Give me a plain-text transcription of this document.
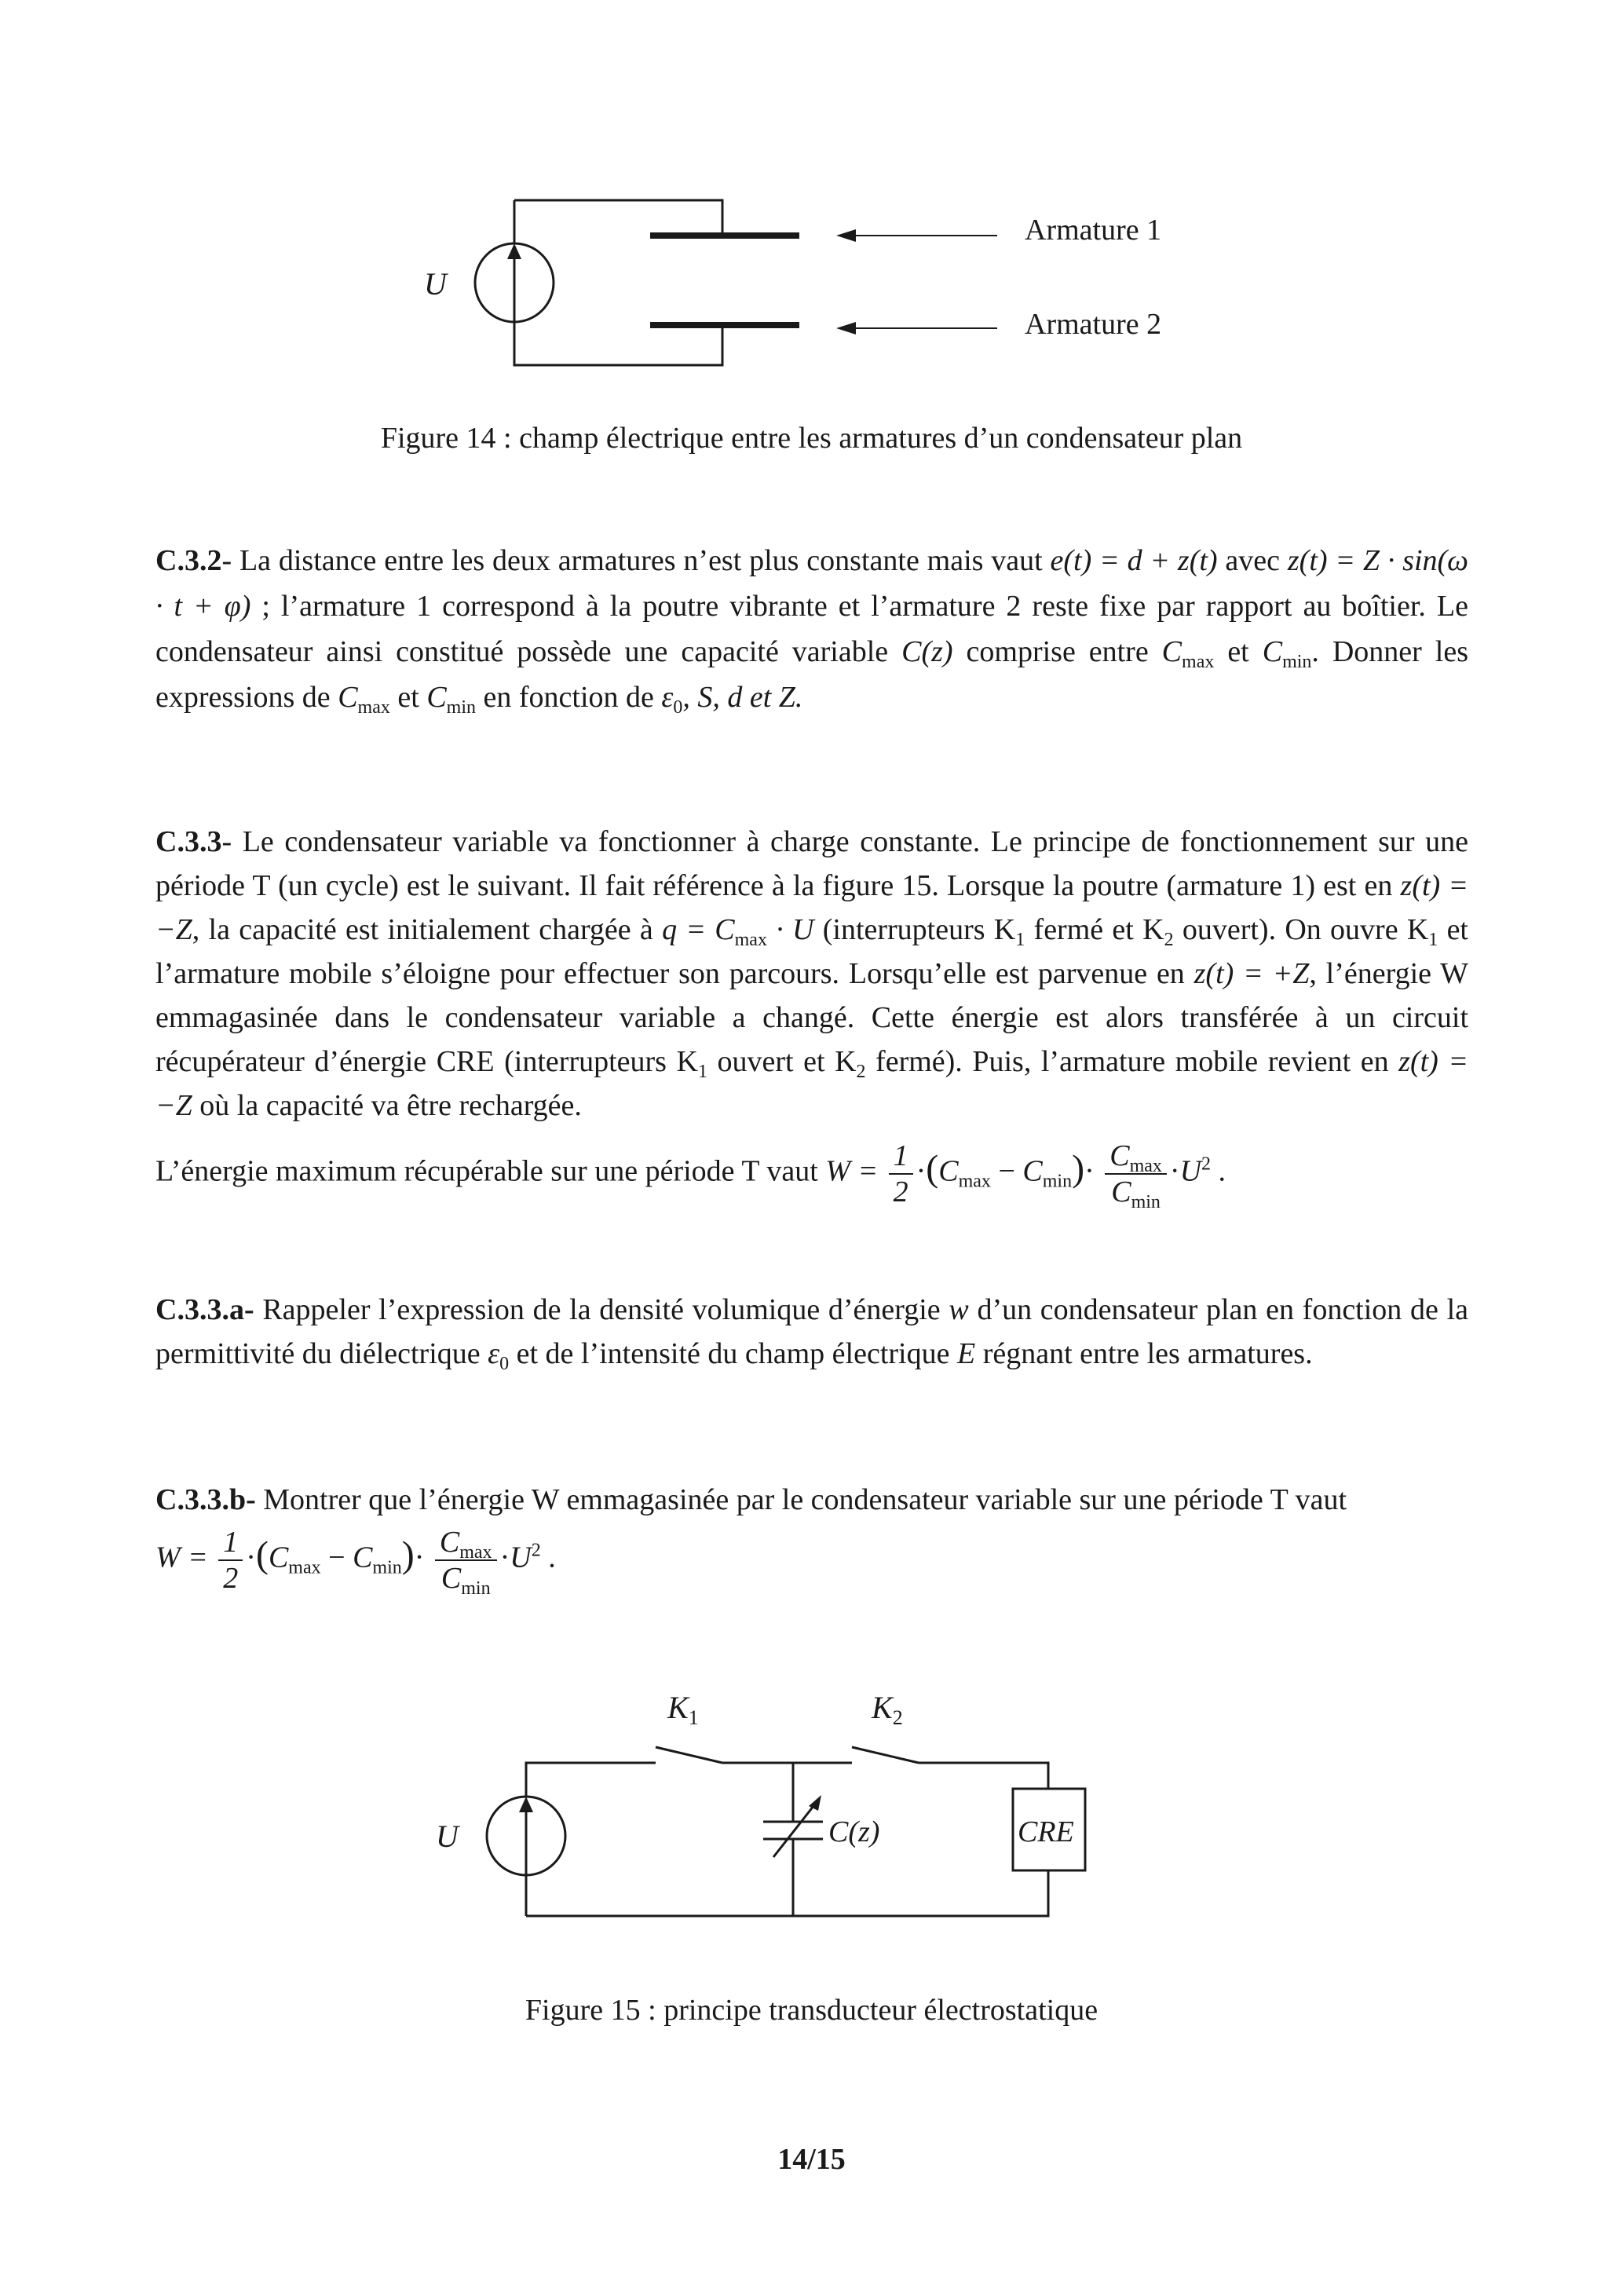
U
Armature 1
Armature 2
Figure 14 : champ électrique entre les armatures d’un condensateur plan

C.3.2- La distance entre les deux armatures n’est plus constante mais vaut e(t) = d + z(t) avec z(t) = Z · sin(ω · t + φ) ; l’armature 1 correspond à la poutre vibrante et l’armature 2 reste fixe par rapport au boîtier. Le condensateur ainsi constitué possède une capacité variable C(z) comprise entre $C_{max}$ et $C_{min}$. Donner les expressions de $C_{max}$ et $C_{min}$ en fonction de $\varepsilon_0$, S, d et Z.

C.3.3- Le condensateur variable va fonctionner à charge constante. Le principe de fonctionnement sur une période T (un cycle) est le suivant. Il fait référence à la figure 15. Lorsque la poutre (armature 1) est en z(t) = −Z, la capacité est initialement chargée à $q = C_{max} \cdot U$ (interrupteurs $K_1$ fermé et $K_2$ ouvert). On ouvre $K_1$ et l’armature mobile s’éloigne pour effectuer son parcours. Lorsqu’elle est parvenue en z(t) = +Z, l’énergie W emmagasinée dans le condensateur variable a changé. Cette énergie est alors transférée à un circuit récupérateur d’énergie CRE (interrupteurs $K_1$ ouvert et $K_2$ fermé). Puis, l’armature mobile revient en z(t) = −Z où la capacité va être rechargée.

L’énergie maximum récupérable sur une période T vaut $W = \frac{1}{2} \cdot(C_{max} - C_{min})\cdot \frac{C_{max}}{C_{min}} \cdot U^2$ .

C.3.3.a- Rappeler l’expression de la densité volumique d’énergie w d’un condensateur plan en fonction de la permittivité du diélectrique $\varepsilon_0$ et de l’intensité du champ électrique E régnant entre les armatures.

C.3.3.b- Montrer que l’énergie W emmagasinée par le condensateur variable sur une période T vaut

$W = \frac{1}{2} \cdot(C_{max} - C_{min})\cdot \frac{C_{max}}{C_{min}} \cdot U^2$ .

U
$K_1$	$K_2$
C(z)	CRE
Figure 15 : principe transducteur électrostatique
14/15
